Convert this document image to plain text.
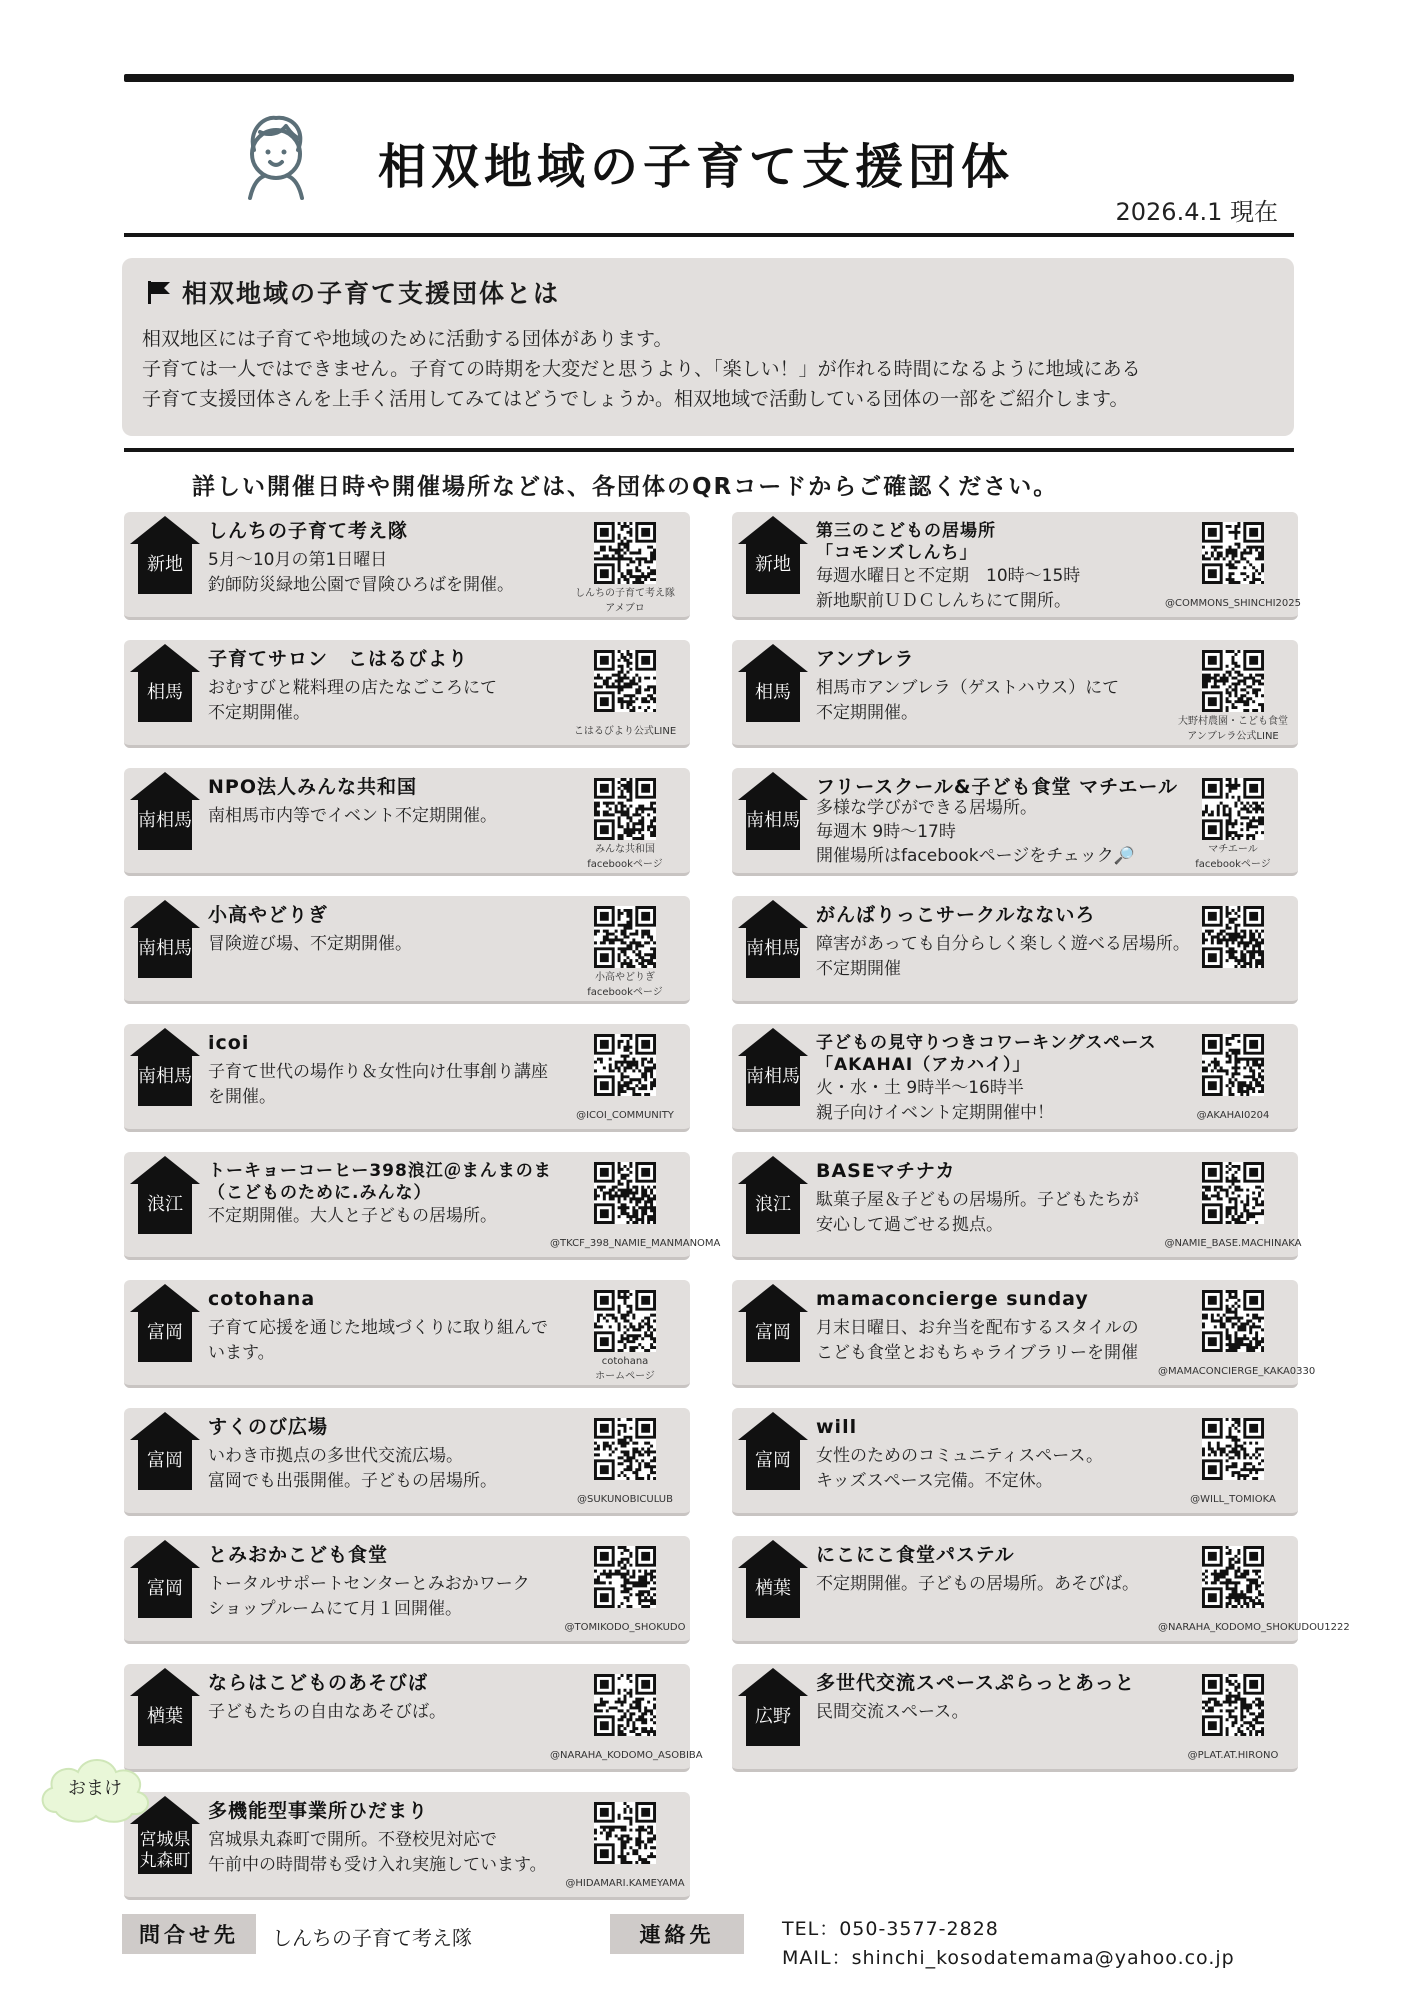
相双地域の子育て支援団体
2026.4.1 現在
相双地域の子育て支援団体とは
相双地区には子育てや地域のために活動する団体があります。
子育ては一人ではできません。子育ての時期を大変だと思うより、「楽しい！」が作れる時間になるように地域にある
子育て支援団体さんを上手く活用してみてはどうでしょうか。相双地域で活動している団体の一部をご紹介します。
詳しい開催日時や開催場所などは、各団体のQRコードからご確認ください。
新地
しんちの子育て考え隊
5月～10月の第1日曜日
釣師防災緑地公園で冒険ひろばを開催。	しんちの子育て考え隊
アメブロ
相馬
子育てサロン　こはるびより
おむすびと糀料理の店たなごころにて
不定期開催。
こはるびより公式LINE
南相馬
NPO法人みんな共和国
南相馬市内等でイベント不定期開催。
みんな共和国
facebookページ
南相馬
小高やどりぎ
冒険遊び場、不定期開催。
小高やどりぎ
facebookページ
南相馬
icoi
子育て世代の場作り＆女性向け仕事創り講座
を開催。
@ICOI_COMMUNITY
浪江
トーキョーコーヒー398浪江＠まんまのま
（こどものために.みんな）
不定期開催。大人と子どもの居場所。
@TKCF_398_NAMIE_MANMANOMA
富岡
cotohana
子育て応援を通じた地域づくりに取り組んで
います。	cotohana
ホームページ
富岡
すくのび広場
いわき市拠点の多世代交流広場。
富岡でも出張開催。子どもの居場所。
@SUKUNOBICULUB
富岡
とみおかこども食堂
トータルサポートセンターとみおかワーク
ショップルームにて月１回開催。
@TOMIKODO_SHOKUDO
楢葉
ならはこどものあそびば
子どもたちの自由なあそびば。
@NARAHA_KODOMO_ASOBIBA
宮城県
丸森町
多機能型事業所ひだまり
宮城県丸森町で開所。不登校児対応で
午前中の時間帯も受け入れ実施しています。
@HIDAMARI.KAMEYAMA
新地
第三のこどもの居場所
「コモンズしんち」
毎週水曜日と不定期　10時～15時
新地駅前ＵＤＣしんちにて開所。	@COMMONS_SHINCHI2025
相馬
アンブレラ
相馬市アンブレラ（ゲストハウス）にて
不定期開催。	大野村農園・こども食堂
アンブレラ公式LINE
南相馬
フリースクール&子ども食堂 マチエール
多様な学びができる居場所。
毎週木 9時～17時
開催場所はfacebookページをチェック🔎	マチエール
facebookページ
南相馬
がんばりっこサークルなないろ
障害があっても自分らしく楽しく遊べる居場所。
不定期開催
南相馬
子どもの見守りつきコワーキングスペース
「AKAHAI（アカハイ）」
火・水・土 9時半～16時半
親子向けイベント定期開催中！	@AKAHAI0204
浪江
BASEマチナカ
駄菓子屋＆子どもの居場所。子どもたちが
安心して過ごせる拠点。
@NAMIE_BASE.MACHINAKA
富岡
mamaconcierge sunday
月末日曜日、お弁当を配布するスタイルの
こども食堂とおもちゃライブラリーを開催
@MAMACONCIERGE_KAKA0330
富岡
will
女性のためのコミュニティスペース。
キッズスペース完備。不定休。
@WILL_TOMIOKA
楢葉
にこにこ食堂パステル
不定期開催。子どもの居場所。あそびば。
@NARAHA_KODOMO_SHOKUDOU1222
広野
多世代交流スペースぷらっとあっと
民間交流スペース。
@PLAT.AT.HIRONO
おまけ
問合せ先	しんちの子育て考え隊	連絡先	TEL：050-3577-2828
MAIL：shinchi_kosodatemama@yahoo.co.jp
